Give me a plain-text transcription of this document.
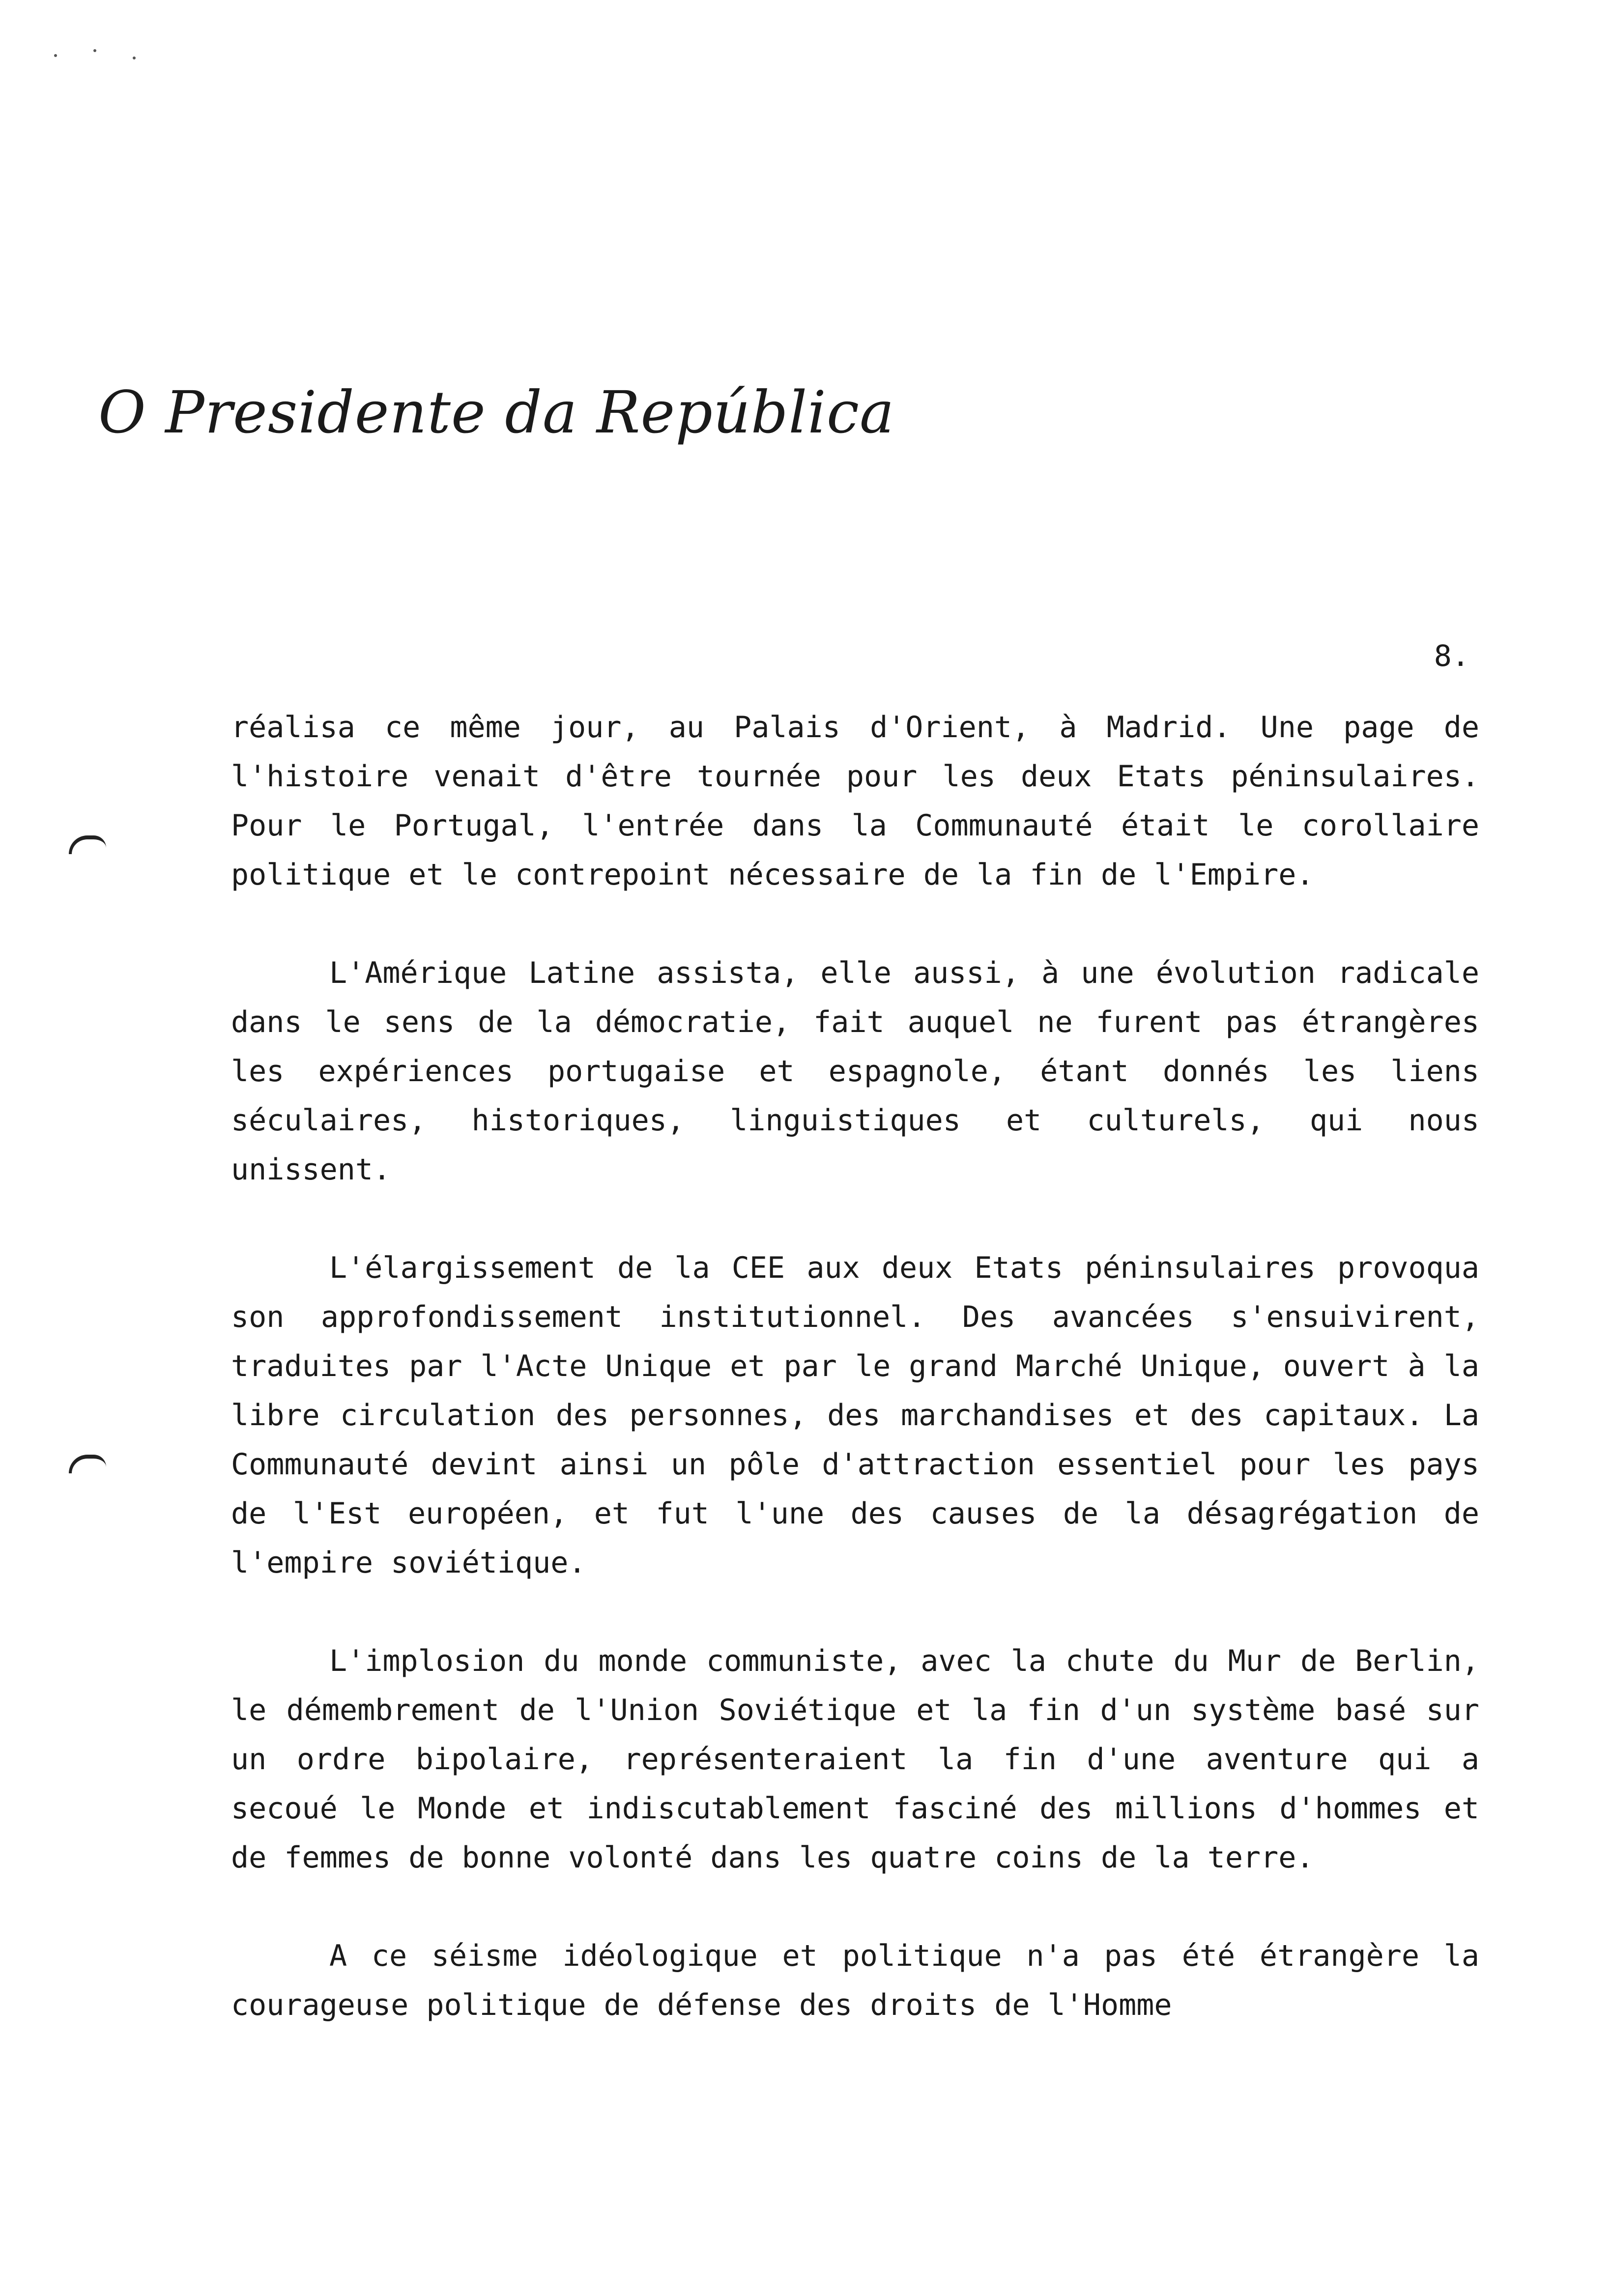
O Presidente da República
8.

réalisa ce même jour, au Palais d'Orient, à Madrid. Une page de l'histoire venait d'être tournée pour les deux Etats péninsulaires. Pour le Portugal, l'entrée dans la Communauté était le corollaire politique et le contrepoint nécessaire de la fin de l'Empire.

L'Amérique Latine assista, elle aussi, à une évolution radicale dans le sens de la démocratie, fait auquel ne furent pas étrangères les expériences portugaise et espagnole, étant donnés les liens séculaires, historiques, linguistiques et culturels, qui nous unissent.

L'élargissement de la CEE aux deux Etats péninsulaires provoqua son approfondissement institutionnel. Des avancées s'ensuivirent, traduites par l'Acte Unique et par le grand Marché Unique, ouvert à la libre circulation des personnes, des marchandises et des capitaux. La Communauté devint ainsi un pôle d'attraction essentiel pour les pays de l'Est européen, et fut l'une des causes de la désagrégation de l'empire soviétique.

L'implosion du monde communiste, avec la chute du Mur de Berlin, le démembrement de l'Union Soviétique et la fin d'un système basé sur un ordre bipolaire, représenteraient la fin d'une aventure qui a secoué le Monde et indiscutablement fasciné des millions d'hommes et de femmes de bonne volonté dans les quatre coins de la terre.

A ce séisme idéologique et politique n'a pas été étrangère la courageuse politique de défense des droits de l'Homme
